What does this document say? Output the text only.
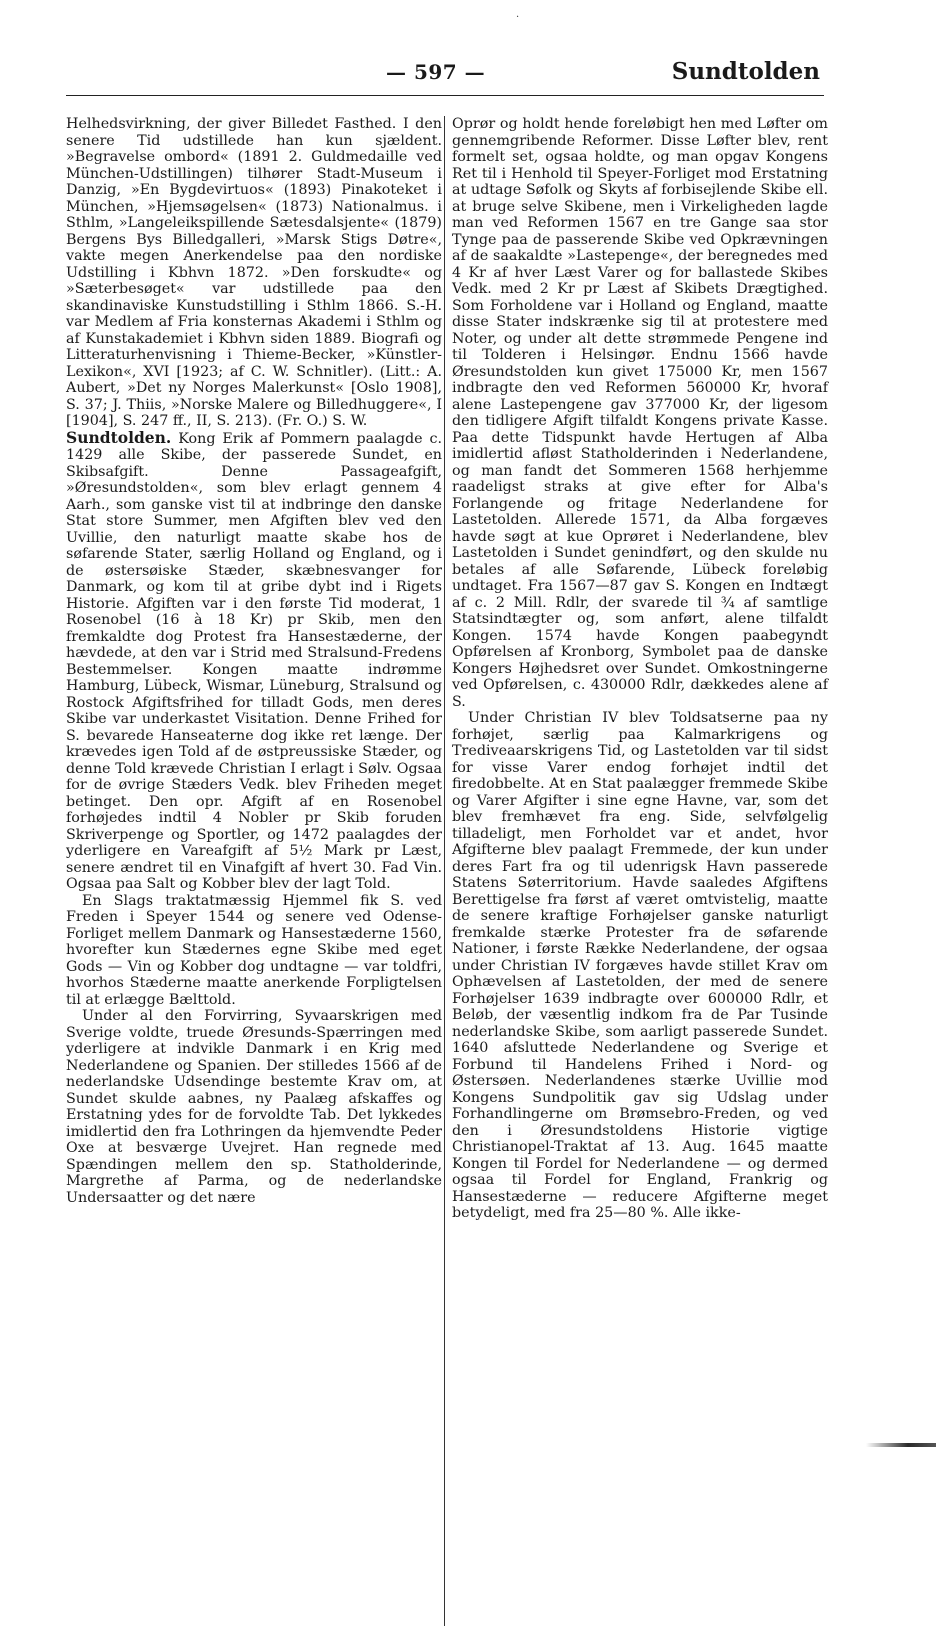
·
— 597 —	Sundtolden

Helhedsvirkning, der giver Billedet Fasthed. I den senere Tid udstillede han kun sjældent. »Begravelse ombord« (1891 2. Guldmedaille ved München-Udstillingen) tilhører Stadt-Museum i Danzig, »En Bygdevirtuos« (1893) Pinakoteket i München, »Hjemsøgelsen« (1873) Nationalmus. i Sthlm, »Langeleikspillende Sætesdalsjente« (1879) Bergens Bys Billedgalleri, »Marsk Stigs Døtre«, vakte megen Anerkendelse paa den nordiske Udstilling i Kbhvn 1872. »Den forskudte« og »Sæterbesøget« var udstillede paa den skandinaviske Kunstudstilling i Sthlm 1866. S.-H. var Medlem af Fria konsternas Akademi i Sthlm og af Kunstakademiet i Kbhvn siden 1889. Biografi og Litteraturhenvisning i Thieme-Becker, »Künstler-Lexikon«, XVI [1923; af C. W. Schnitler). (Litt.: A. Aubert, »Det ny Norges Malerkunst« [Oslo 1908], S. 37; J. Thiis, »Norske Malere og Billedhuggere«, I [1904], S. 247 ff., II, S. 213). (Fr. O.) S. W.

Sundtolden. Kong Erik af Pommern paalagde c. 1429 alle Skibe, der passerede Sundet, en Skibsafgift. Denne Passageafgift, »Øresundstolden«, som blev erlagt gennem 4 Aarh., som ganske vist til at indbringe den danske Stat store Summer, men Afgiften blev ved den Uvillie, den naturligt maatte skabe hos de søfarende Stater, særlig Holland og England, og i de østersøiske Stæder, skæbnesvanger for Danmark, og kom til at gribe dybt ind i Rigets Historie. Afgiften var i den første Tid moderat, 1 Rosenobel (16 à 18 Kr) pr Skib, men den fremkaldte dog Protest fra Hansestæderne, der hævdede, at den var i Strid med Stralsund-Fredens Bestemmelser. Kongen maatte indrømme Hamburg, Lübeck, Wismar, Lüneburg, Stralsund og Rostock Afgiftsfrihed for tilladt Gods, men deres Skibe var underkastet Visitation. Denne Frihed for S. bevarede Hanseaterne dog ikke ret længe. Der krævedes igen Told af de østpreussiske Stæder, og denne Told krævede Christian I erlagt i Sølv. Ogsaa for de øvrige Stæders Vedk. blev Friheden meget betinget. Den opr. Afgift af en Rosenobel forhøjedes indtil 4 Nobler pr Skib foruden Skriverpenge og Sportler, og 1472 paalagdes der yderligere en Vareafgift af 5½ Mark pr Læst, senere ændret til en Vinafgift af hvert 30. Fad Vin. Ogsaa paa Salt og Kobber blev der lagt Told.

En Slags traktatmæssig Hjemmel fik S. ved Freden i Speyer 1544 og senere ved Odense-Forliget mellem Danmark og Hansestæderne 1560, hvorefter kun Stædernes egne Skibe med eget Gods — Vin og Kobber dog undtagne — var toldfri, hvorhos Stæderne maatte anerkende Forpligtelsen til at erlægge Bælttold.

Under al den Forvirring, Syvaarskrigen med Sverige voldte, truede Øresunds-Spærringen med yderligere at indvikle Danmark i en Krig med Nederlandene og Spanien. Der stilledes 1566 af de nederlandske Udsendinge bestemte Krav om, at Sundet skulde aabnes, ny Paalæg afskaffes og Erstatning ydes for de forvoldte Tab. Det lykkedes imidlertid den fra Lothringen da hjemvendte Peder Oxe at besværge Uvejret. Han regnede med Spændingen mellem den sp. Statholderinde, Margrethe af Parma, og de nederlandske Undersaatter og det nære

Oprør og holdt hende foreløbigt hen med Løfter om gennemgribende Reformer. Disse Løfter blev, rent formelt set, ogsaa holdte, og man opgav Kongens Ret til i Henhold til Speyer-Forliget mod Erstatning at udtage Søfolk og Skyts af forbisejlende Skibe ell. at bruge selve Skibene, men i Virkeligheden lagde man ved Reformen 1567 en tre Gange saa stor Tynge paa de passerende Skibe ved Opkrævningen af de saakaldte »Lastepenge«, der beregnedes med 4 Kr af hver Læst Varer og for ballastede Skibes Vedk. med 2 Kr pr Læst af Skibets Drægtighed. Som Forholdene var i Holland og England, maatte disse Stater indskrænke sig til at protestere med Noter, og under alt dette strømmede Pengene ind til Tolderen i Helsingør. Endnu 1566 havde Øresundstolden kun givet 175000 Kr, men 1567 indbragte den ved Reformen 560000 Kr, hvoraf alene Lastepengene gav 377000 Kr, der ligesom den tidligere Afgift tilfaldt Kongens private Kasse. Paa dette Tidspunkt havde Hertugen af Alba imidlertid afløst Statholderinden i Nederlandene, og man fandt det Sommeren 1568 herhjemme raadeligst straks at give efter for Alba's Forlangende og fritage Nederlandene for Lastetolden. Allerede 1571, da Alba forgæves havde søgt at kue Oprøret i Nederlandene, blev Lastetolden i Sundet genindført, og den skulde nu betales af alle Søfarende, Lübeck foreløbig undtaget. Fra 1567—87 gav S. Kongen en Indtægt af c. 2 Mill. Rdlr, der svarede til ¾ af samtlige Statsindtægter og, som anført, alene tilfaldt Kongen. 1574 havde Kongen paabegyndt Opførelsen af Kronborg, Symbolet paa de danske Kongers Højhedsret over Sundet. Omkostningerne ved Opførelsen, c. 430000 Rdlr, dækkedes alene af S.

Under Christian IV blev Toldsatserne paa ny forhøjet, særlig paa Kalmarkrigens og Trediveaarskrigens Tid, og Lastetolden var til sidst for visse Varer endog forhøjet indtil det firedobbelte. At en Stat paalægger fremmede Skibe og Varer Afgifter i sine egne Havne, var, som det blev fremhævet fra eng. Side, selvfølgelig tilladeligt, men Forholdet var et andet, hvor Afgifterne blev paalagt Fremmede, der kun under deres Fart fra og til udenrigsk Havn passerede Statens Søterritorium. Havde saaledes Afgiftens Berettigelse fra først af været omtvistelig, maatte de senere kraftige Forhøjelser ganske naturligt fremkalde stærke Protester fra de søfarende Nationer, i første Række Nederlandene, der ogsaa under Christian IV forgæves havde stillet Krav om Ophævelsen af Lastetolden, der med de senere Forhøjelser 1639 indbragte over 600000 Rdlr, et Beløb, der væsentlig indkom fra de Par Tusinde nederlandske Skibe, som aarligt passerede Sundet. 1640 afsluttede Nederlandene og Sverige et Forbund til Handelens Frihed i Nord- og Østersøen. Nederlandenes stærke Uvillie mod Kongens Sundpolitik gav sig Udslag under Forhandlingerne om Brømsebro-Freden, og ved den i Øresundstoldens Historie vigtige Christianopel-Traktat af 13. Aug. 1645 maatte Kongen til Fordel for Nederlandene — og dermed ogsaa til Fordel for England, Frankrig og Hansestæderne — reducere Afgifterne meget betydeligt, med fra 25—80 %. Alle ikke-
